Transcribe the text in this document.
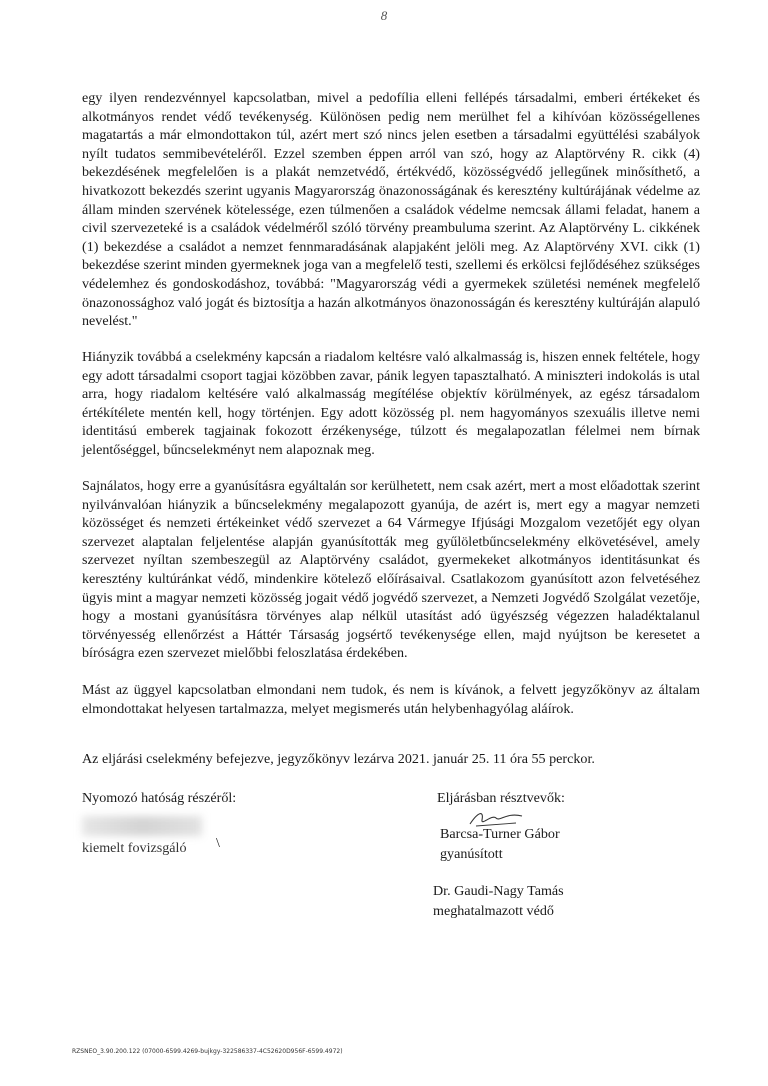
8

egy ilyen rendezvénnyel kapcsolatban, mivel a pedofília elleni fellépés társadalmi, emberi értékeket és alkotmányos rendet védő tevékenység. Különösen pedig nem merülhet fel a kihívóan közösségellenes magatartás a már elmondottakon túl, azért mert szó nincs jelen esetben a társadalmi együttélési szabályok nyílt tudatos semmibevételéről. Ezzel szemben éppen arról van szó, hogy az Alaptörvény R. cikk (4) bekezdésének megfelelően is a plakát nemzetvédő, értékvédő, közösségvédő jellegűnek minősíthető, a hivatkozott bekezdés szerint ugyanis Magyarország önazonosságának és keresztény kultúrájának védelme az állam minden szervének kötelessége, ezen túlmenően a családok védelme nemcsak állami feladat, hanem a civil szervezeteké is a családok védelméről szóló törvény preambuluma szerint. Az Alaptörvény L. cikkének (1) bekezdése a családot a nemzet fennmaradásának alapjaként jelöli meg. Az Alaptörvény XVI. cikk (1) bekezdése szerint minden gyermeknek joga van a megfelelő testi, szellemi és erkölcsi fejlődéséhez szükséges védelemhez és gondoskodáshoz, továbbá: "Magyarország védi a gyermekek születési nemének megfelelő önazonossághoz való jogát és biztosítja a hazán alkotmányos önazonosságán és keresztény kultúráján alapuló nevelést."

Hiányzik továbbá a cselekmény kapcsán a riadalom keltésre való alkalmasság is, hiszen ennek feltétele, hogy egy adott társadalmi csoport tagjai közöbben zavar, pánik legyen tapasztalható. A miniszteri indokolás is utal arra, hogy riadalom keltésére való alkalmasság megítélése objektív körülmények, az egész társadalom értékítélete mentén kell, hogy történjen. Egy adott közösség pl. nem hagyományos szexuális illetve nemi identitású emberek tagjainak fokozott érzékenysége, túlzott és megalapozatlan félelmei nem bírnak jelentőséggel, bűncselekményt nem alapoznak meg.

Sajnálatos, hogy erre a gyanúsításra egyáltalán sor kerülhetett, nem csak azért, mert a most előadottak szerint nyilvánvalóan hiányzik a bűncselekmény megalapozott gyanúja, de azért is, mert egy a magyar nemzeti közösséget és nemzeti értékeinket védő szervezet a 64 Vármegye Ifjúsági Mozgalom vezetőjét egy olyan szervezet alaptalan feljelentése alapján gyanúsították meg gyűlöletbűncselekmény elkövetésével, amely szervezet nyíltan szembeszegül az Alaptörvény családot, gyermekeket alkotmányos identitásunkat és keresztény kultúránkat védő, mindenkire kötelező előírásaival. Csatlakozom gyanúsított azon felvetéséhez ügyis mint a magyar nemzeti közösség jogait védő jogvédő szervezet, a Nemzeti Jogvédő Szolgálat vezetője, hogy a mostani gyanúsításra törvényes alap nélkül utasítást adó ügyészség végezzen haladéktalanul törvényesség ellenőrzést a Háttér Társaság jogsértő tevékenysége ellen, majd nyújtson be keresetet a bíróságra ezen szervezet mielőbbi feloszlatása érdekében.

Mást az üggyel kapcsolatban elmondani nem tudok, és nem is kívánok, a felvett jegyzőkönyv az általam elmondottakat helyesen tartalmazza, melyet megismerés után helybenhagyólag aláírok.

Az eljárási cselekmény befejezve, jegyzőkönyv lezárva 2021. január 25. 11 óra 55 perckor.
Nyomozó hatóság részéről:	Eljárásban résztvevők:
kiemelt fovizsgáló \
Barcsa-Turner Gábor
gyanúsított
Dr. Gaudi-Nagy Tamás
meghatalmazott védő
RZSNEO_3.90.200.122 (07000-6599.4269-bujkgy-322586337-4C52620D956F-6599.4972)
